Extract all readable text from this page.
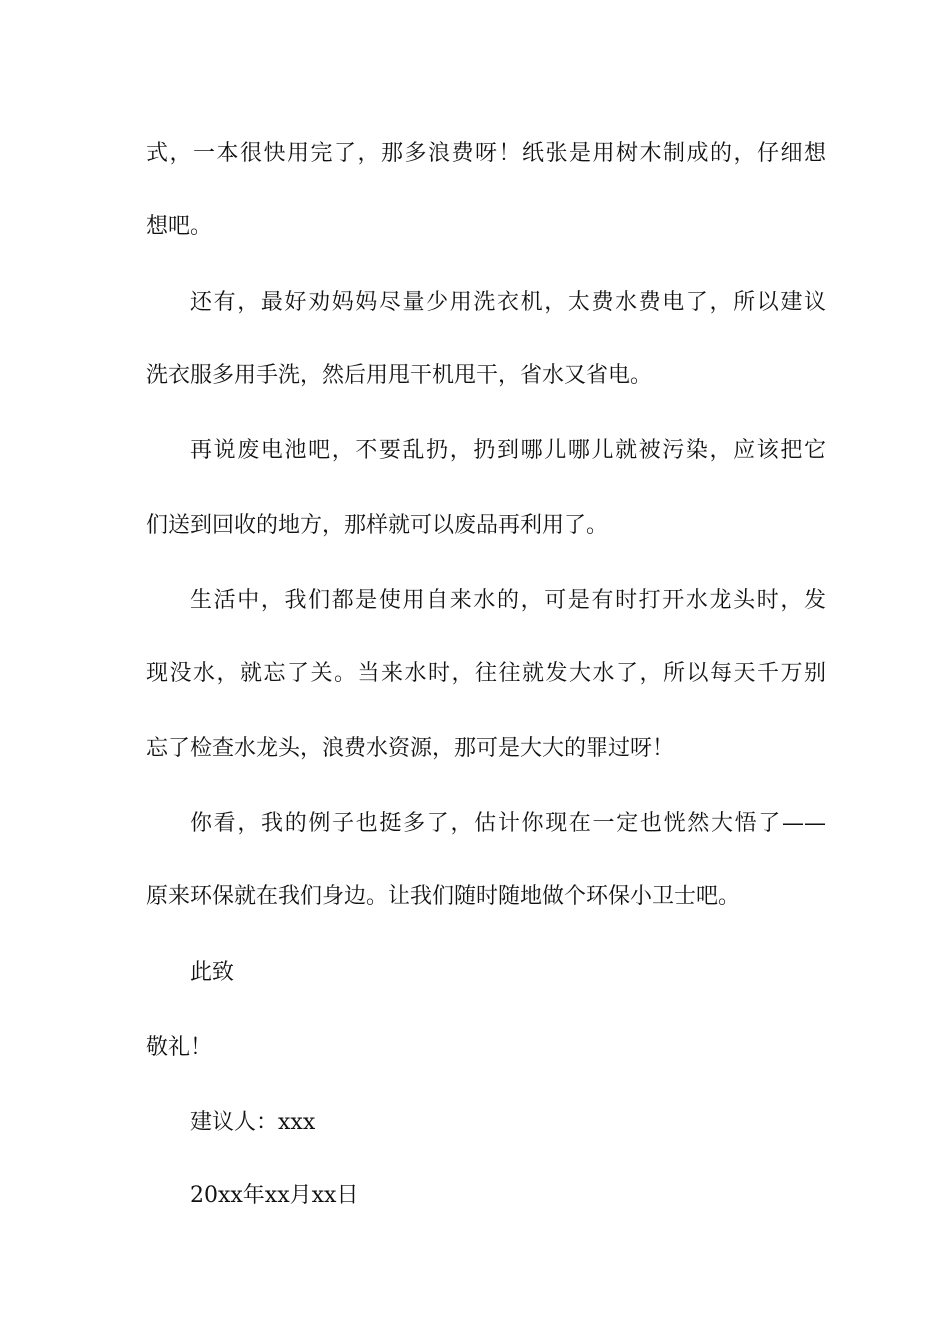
式，一本很快用完了，那多浪费呀！纸张是用树木制成的，仔细想
想吧。
还有，最好劝妈妈尽量少用洗衣机，太费水费电了，所以建议
洗衣服多用手洗，然后用甩干机甩干，省水又省电。
再说废电池吧，不要乱扔，扔到哪儿哪儿就被污染，应该把它
们送到回收的地方，那样就可以废品再利用了。
生活中，我们都是使用自来水的，可是有时打开水龙头时，发
现没水，就忘了关。当来水时，往往就发大水了，所以每天千万别
忘了检查水龙头，浪费水资源，那可是大大的罪过呀！
你看，我的例子也挺多了，估计你现在一定也恍然大悟了——
原来环保就在我们身边。让我们随时随地做个环保小卫士吧。
此致
敬礼！
建议人：xxx
20xx年xx月xx日
